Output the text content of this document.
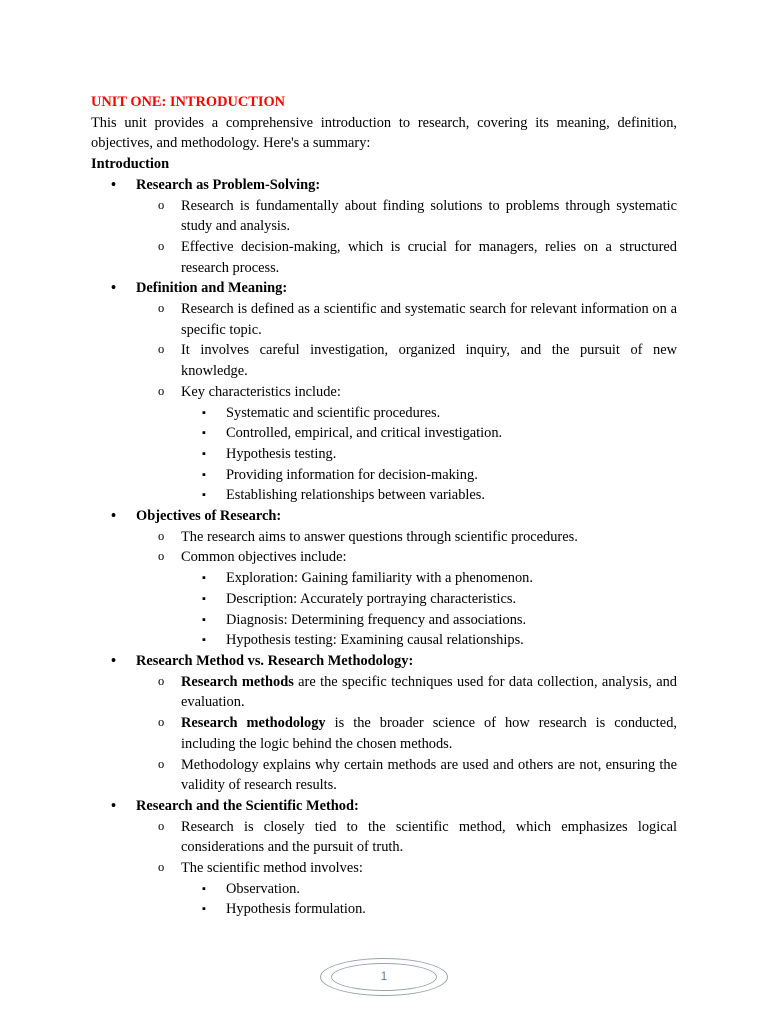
UNIT ONE: INTRODUCTION
This unit provides a comprehensive introduction to research, covering its meaning, definition, objectives, and methodology. Here's a summary:
Introduction
• Research as Problem-Solving:
o Research is fundamentally about finding solutions to problems through systematic study and analysis.
o Effective decision-making, which is crucial for managers, relies on a structured research process.
• Definition and Meaning:
o Research is defined as a scientific and systematic search for relevant information on a specific topic.
o It involves careful investigation, organized inquiry, and the pursuit of new knowledge.
o Key characteristics include:
▪ Systematic and scientific procedures.
▪ Controlled, empirical, and critical investigation.
▪ Hypothesis testing.
▪ Providing information for decision-making.
▪ Establishing relationships between variables.
• Objectives of Research:
o The research aims to answer questions through scientific procedures.
o Common objectives include:
▪ Exploration: Gaining familiarity with a phenomenon.
▪ Description: Accurately portraying characteristics.
▪ Diagnosis: Determining frequency and associations.
▪ Hypothesis testing: Examining causal relationships.
• Research Method vs. Research Methodology:
o Research methods are the specific techniques used for data collection, analysis, and evaluation.
o Research methodology is the broader science of how research is conducted, including the logic behind the chosen methods.
o Methodology explains why certain methods are used and others are not, ensuring the validity of research results.
• Research and the Scientific Method:
o Research is closely tied to the scientific method, which emphasizes logical considerations and the pursuit of truth.
o The scientific method involves:
▪ Observation.
▪ Hypothesis formulation.
1
